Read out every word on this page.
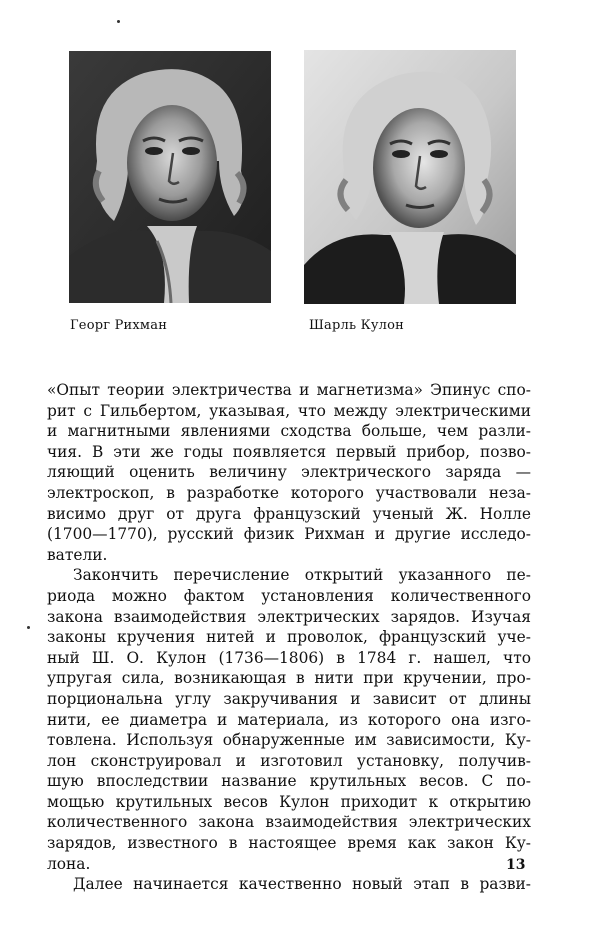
Георг Рихман	Шарль Кулон
«Опыт теории электричества и магнетизма» Эпинус спо-
рит с Гильбертом, указывая, что между электрическими
и магнитными явлениями сходства больше, чем разли-
чия. В эти же годы появляется первый прибор, позво-
ляющий оценить величину электрического заряда —
электроскоп, в разработке которого участвовали неза-
висимо друг от друга французский ученый Ж. Нолле
(1700—1770), русский физик Рихман и другие исследо-
ватели.
Закончить перечисление открытий указанного пе-
риода можно фактом установления количественного
закона взаимодействия электрических зарядов. Изучая
законы кручения нитей и проволок, французский уче-
ный Ш. О. Кулон (1736—1806) в 1784 г. нашел, что
упругая сила, возникающая в нити при кручении, про-
порциональна углу закручивания и зависит от длины
нити, ее диаметра и материала, из которого она изго-
товлена. Используя обнаруженные им зависимости, Ку-
лон сконструировал и изготовил установку, получив-
шую впоследствии название крутильных весов. С по-
мощью крутильных весов Кулон приходит к открытию
количественного закона взаимодействия электрических
зарядов, известного в настоящее время как закон Ку-
лона.
Далее начинается качественно новый этап в разви-
13
